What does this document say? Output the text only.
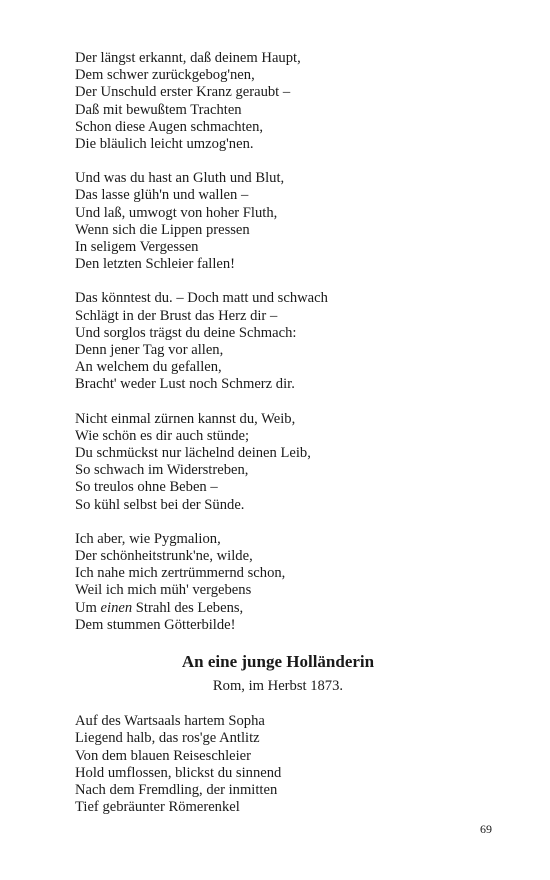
Der längst erkannt, daß deinem Haupt,
Dem schwer zurückgebog'nen,
Der Unschuld erster Kranz geraubt –
Daß mit bewußtem Trachten
Schon diese Augen schmachten,
Die bläulich leicht umzog'nen.
Und was du hast an Gluth und Blut,
Das lasse glüh'n und wallen –
Und laß, umwogt von hoher Fluth,
Wenn sich die Lippen pressen
In seligem Vergessen
Den letzten Schleier fallen!
Das könntest du. – Doch matt und schwach
Schlägt in der Brust das Herz dir –
Und sorglos trägst du deine Schmach:
Denn jener Tag vor allen,
An welchem du gefallen,
Bracht' weder Lust noch Schmerz dir.
Nicht einmal zürnen kannst du, Weib,
Wie schön es dir auch stünde;
Du schmückst nur lächelnd deinen Leib,
So schwach im Widerstreben,
So treulos ohne Beben –
So kühl selbst bei der Sünde.
Ich aber, wie Pygmalion,
Der schönheitstrunk'ne, wilde,
Ich nahe mich zertrümmernd schon,
Weil ich mich müh' vergebens
Um einen Strahl des Lebens,
Dem stummen Götterbilde!
An eine junge Holländerin
Rom, im Herbst 1873.
Auf des Wartsaals hartem Sopha
Liegend halb, das ros'ge Antlitz
Von dem blauen Reiseschleier
Hold umflossen, blickst du sinnend
Nach dem Fremdling, der inmitten
Tief gebräunter Römerenkel
69
